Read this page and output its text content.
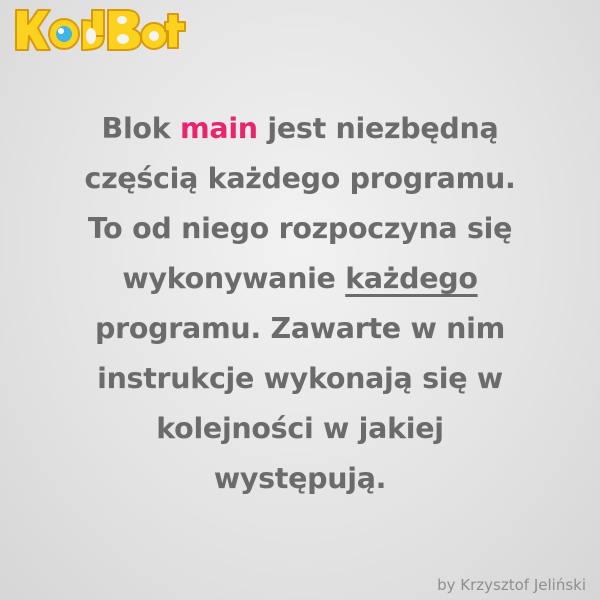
Blok main jest niezbędną
częścią każdego programu.
To od niego rozpoczyna się
wykonywanie każdego
programu. Zawarte w nim
instrukcje wykonają się w
kolejności w jakiej
występują.
by Krzysztof Jeliński
